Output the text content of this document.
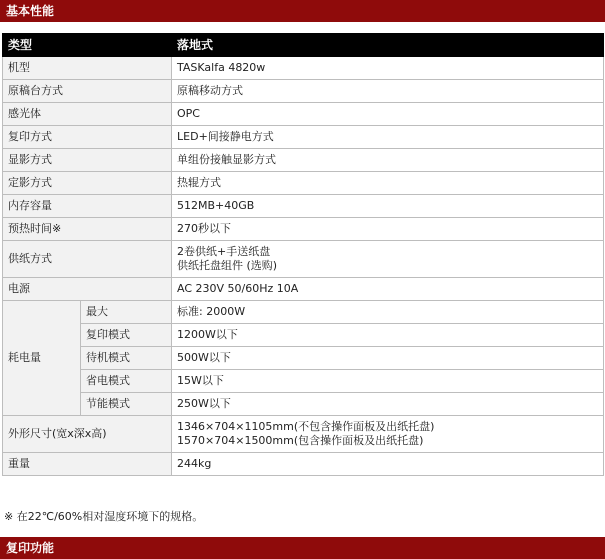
基本性能
类型		落地式
机型		TASKalfa 4820w
原稿台方式		原稿移动方式
感光体		OPC
复印方式		LED+间接静电方式
显影方式		单组份接触显影方式
定影方式		热辊方式
内存容量		512MB+40GB
预热时间※		270秒以下
供纸方式		2卷供纸+手送纸盘
供纸托盘组件 (选购)

电源		AC 230V 50/60Hz 10A
耗电量	最大	标准: 2000W
	复印模式	1200W以下
	待机模式	500W以下
	省电模式	15W以下
	节能模式	250W以下
外形尺寸(宽x深x高)		1346×704×1105mm(不包含操作面板及出纸托盘)
1570×704×1500mm(包含操作面板及出纸托盘)

重量		244kg
※ 在22℃/60%相对湿度环境下的规格。
复印功能
